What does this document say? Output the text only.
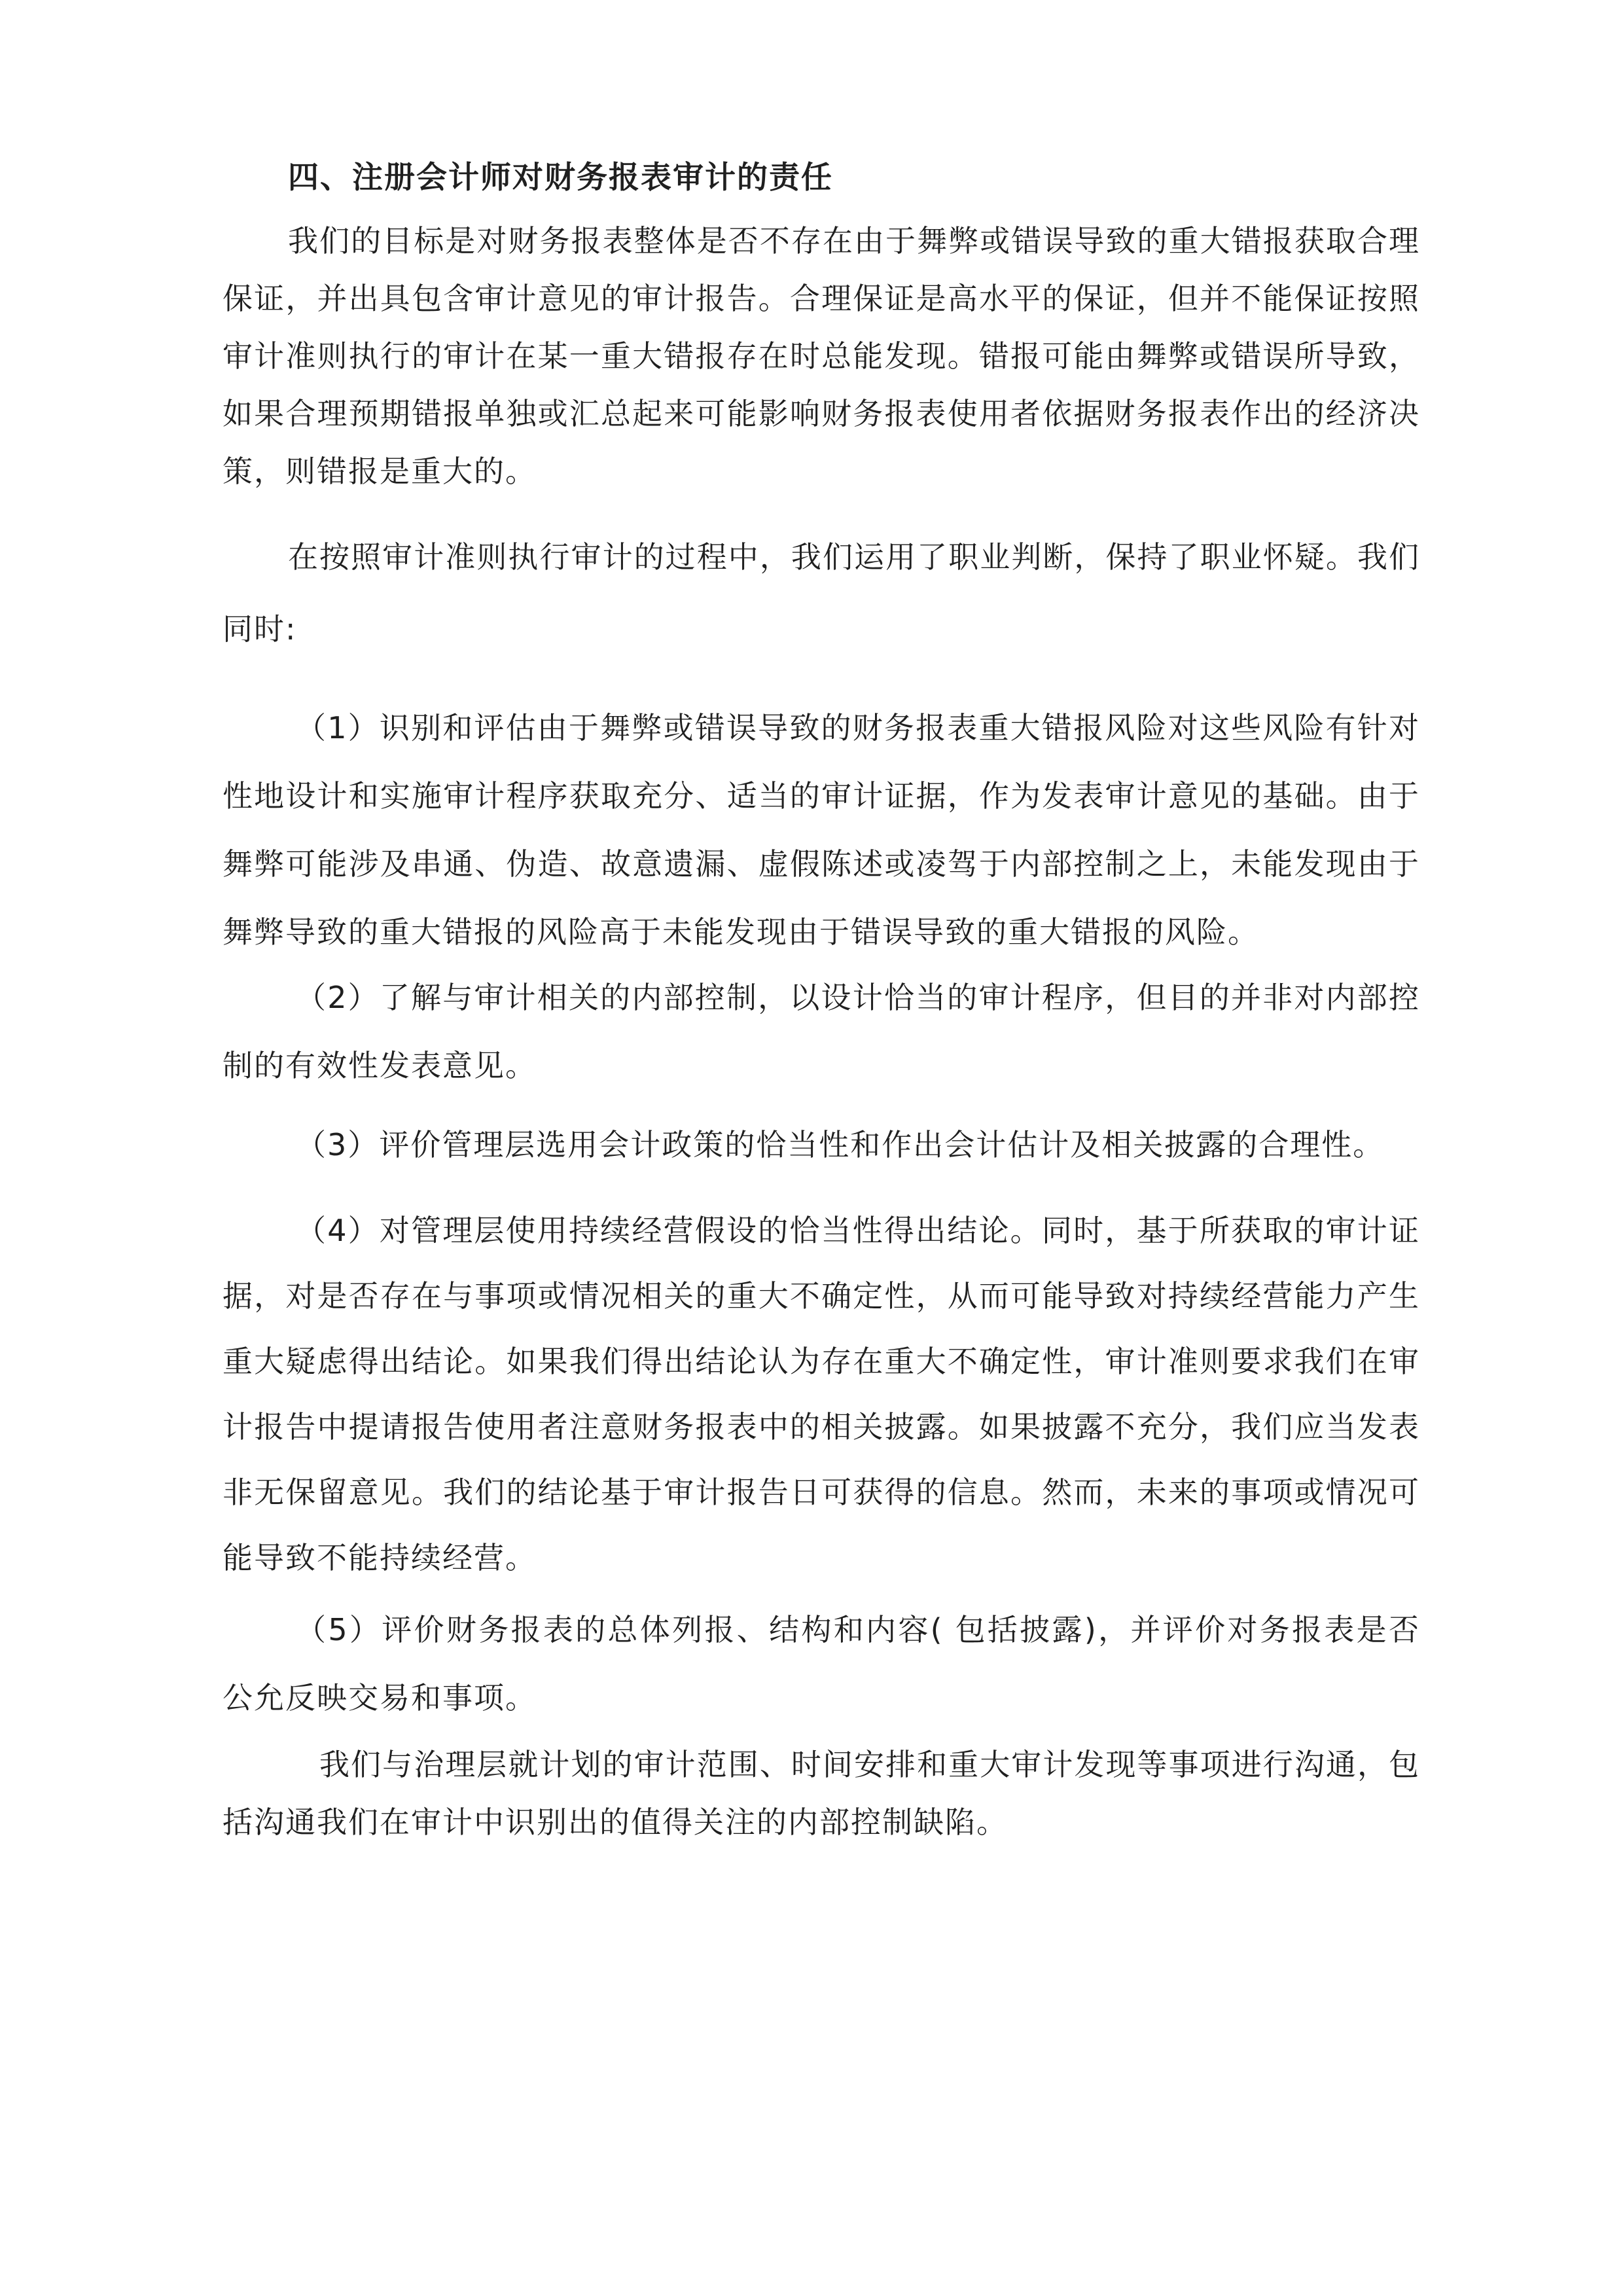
四、注册会计师对财务报表审计的责任

我们的目标是对财务报表整体是否不存在由于舞弊或错误导致的重大错报获取合理保证，并出具包含审计意见的审计报告。合理保证是高水平的保证，但并不能保证按照审计准则执行的审计在某一重大错报存在时总能发现。错报可能由舞弊或错误所导致，如果合理预期错报单独或汇总起来可能影响财务报表使用者依据财务报表作出的经济决策，则错报是重大的。

在按照审计准则执行审计的过程中，我们运用了职业判断，保持了职业怀疑。我们同时:

（1）识别和评估由于舞弊或错误导致的财务报表重大错报风险对这些风险有针对性地设计和实施审计程序获取充分、适当的审计证据，作为发表审计意见的基础。由于舞弊可能涉及串通、伪造、故意遗漏、虚假陈述或凌驾于内部控制之上，未能发现由于舞弊导致的重大错报的风险高于未能发现由于错误导致的重大错报的风险。

（2）了解与审计相关的内部控制，以设计恰当的审计程序，但目的并非对内部控制的有效性发表意见。

（3）评价管理层选用会计政策的恰当性和作出会计估计及相关披露的合理性。

（4）对管理层使用持续经营假设的恰当性得出结论。同时，基于所获取的审计证据，对是否存在与事项或情况相关的重大不确定性，从而可能导致对持续经营能力产生重大疑虑得出结论。如果我们得出结论认为存在重大不确定性，审计准则要求我们在审计报告中提请报告使用者注意财务报表中的相关披露。如果披露不充分，我们应当发表非无保留意见。我们的结论基于审计报告日可获得的信息。然而，未来的事项或情况可能导致不能持续经营。

（5）评价财务报表的总体列报、结构和内容( 包括披露)，并评价对务报表是否公允反映交易和事项。

我们与治理层就计划的审计范围、时间安排和重大审计发现等事项进行沟通，包括沟通我们在审计中识别出的值得关注的内部控制缺陷。
